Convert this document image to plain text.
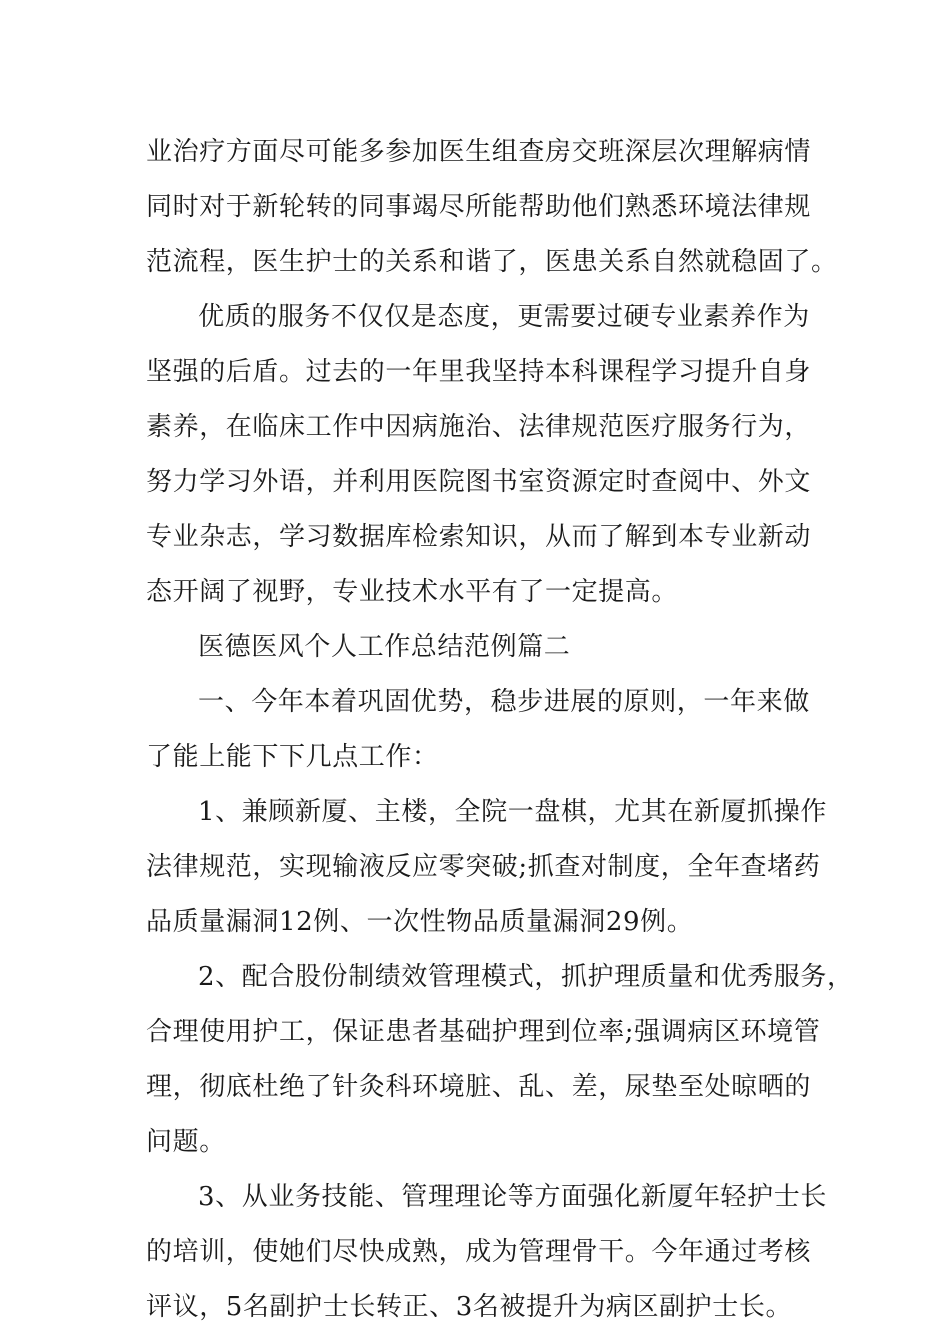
业治疗方面尽可能多参加医生组查房交班深层次理解病情
同时对于新轮转的同事竭尽所能帮助他们熟悉环境法律规
范流程，医生护士的关系和谐了，医患关系自然就稳固了。
优质的服务不仅仅是态度，更需要过硬专业素养作为
坚强的后盾。过去的一年里我坚持本科课程学习提升自身
素养，在临床工作中因病施治、法律规范医疗服务行为，
努力学习外语，并利用医院图书室资源定时查阅中、外文
专业杂志，学习数据库检索知识，从而了解到本专业新动
态开阔了视野，专业技术水平有了一定提高。
医德医风个人工作总结范例篇二
一、今年本着巩固优势，稳步进展的原则，一年来做
了能上能下下几点工作：
1、兼顾新厦、主楼，全院一盘棋，尤其在新厦抓操作
法律规范，实现输液反应零突破;抓查对制度，全年查堵药
品质量漏洞12例、一次性物品质量漏洞29例。
2、配合股份制绩效管理模式，抓护理质量和优秀服务，
合理使用护工，保证患者基础护理到位率;强调病区环境管
理，彻底杜绝了针灸科环境脏、乱、差，尿垫至处晾晒的
问题。
3、从业务技能、管理理论等方面强化新厦年轻护士长
的培训，使她们尽快成熟，成为管理骨干。今年通过考核
评议，5名副护士长转正、3名被提升为病区副护士长。
